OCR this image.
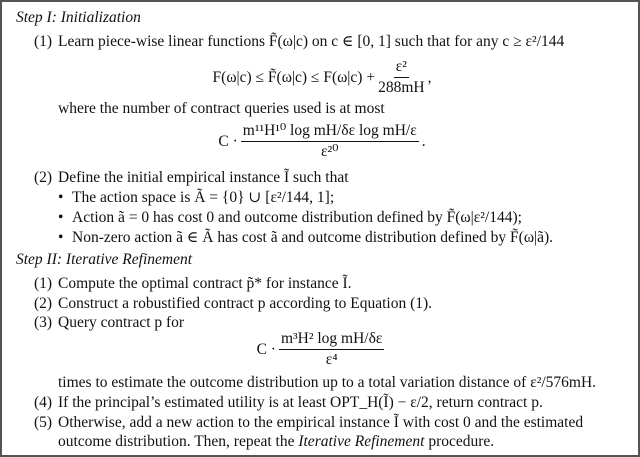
Step I: Initialization
(1) Learn piece-wise linear functions F̃(ω|c) on c ∈ [0, 1] such that for any c ≥ ε²/144
F(ω|c) ≤ F̃(ω|c) ≤ $F(\omega|c) + \frac{\text{ε²}}{288mH}$ ,
where the number of contract queries used is at most
$C \cdot \frac{\text{m¹¹H¹⁰ log mH/δε log mH/ε}}{\text{ε²⁰}}$ .
(2) Define the initial empirical instance Ĩ such that
• The action space is Ã = {0} ∪ [ε²/144, 1];
• Action ã = 0 has cost 0 and outcome distribution defined by F̃(ω|ε²/144);
• Non-zero action ã ∈ Ã has cost ã and outcome distribution defined by F̃(ω|ã).
Step II: Iterative Refinement
(1) Compute the optimal contract p̃* for instance Ĩ.
(2) Construct a robustified contract p according to Equation (1).
(3) Query contract p for
$C \cdot \frac{\text{m³H² log mH/δε}}{\text{ε⁴}}$
times to estimate the outcome distribution up to a total variation distance of ε²/576mH.
(4) If the principal’s estimated utility is at least OPT_H(Ĩ) − ε/2, return contract p.
(5) Otherwise, add a new action to the empirical instance Ĩ with cost 0 and the estimated
outcome distribution. Then, repeat the Iterative Refinement procedure.
